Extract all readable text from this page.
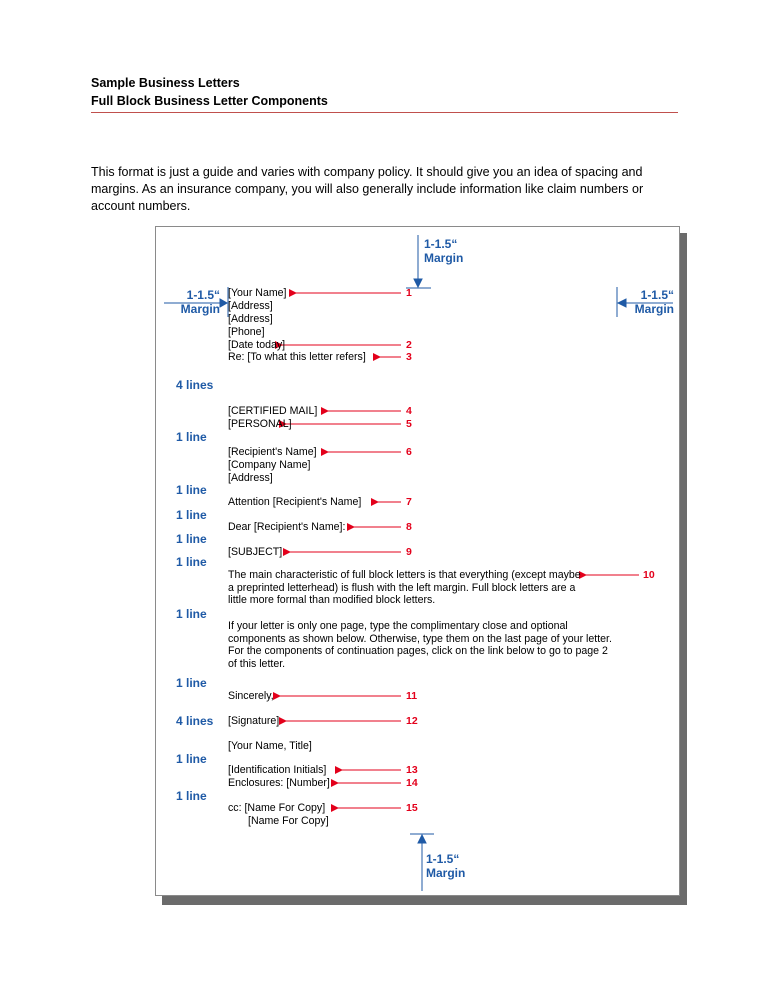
Sample Business Letters
Full Block Business Letter Components
This format is just a guide and varies with company policy. It should give you an idea of spacing and margins. As an insurance company, you will also generally include information like claim numbers or account numbers.
1-1.5“
Margin
1-1.5“
Margin
1-1.5“
Margin
1-1.5“
Margin
[Your Name]
[Address]
[Address]
[Phone]
[Date today]
Re: [To what this letter refers]
[CERTIFIED MAIL]
[PERSONAL]
[Recipient's Name]
[Company Name]
[Address]
Attention [Recipient's Name]
Dear [Recipient's Name]:
[SUBJECT]
The main characteristic of full block letters is that everything (except maybe a preprinted letterhead) is flush with the left margin. Full block letters are a little more formal than modified block letters.
If your letter is only one page, type the complimentary close and optional components as shown below. Otherwise, type them on the last page of your letter. For the components of continuation pages, click on the link below to go to page 2 of this letter.
Sincerely,
[Signature]
[Your Name, Title]
[Identification Initials]
Enclosures: [Number]
cc: [Name For Copy]
[Name For Copy]
4 lines
1 line
1 line
1 line
1 line
1 line
1 line
1 line
4 lines
1 line
1 line
1
2
3
4
5
6
7
8
9
10
11
12
13
14
15
